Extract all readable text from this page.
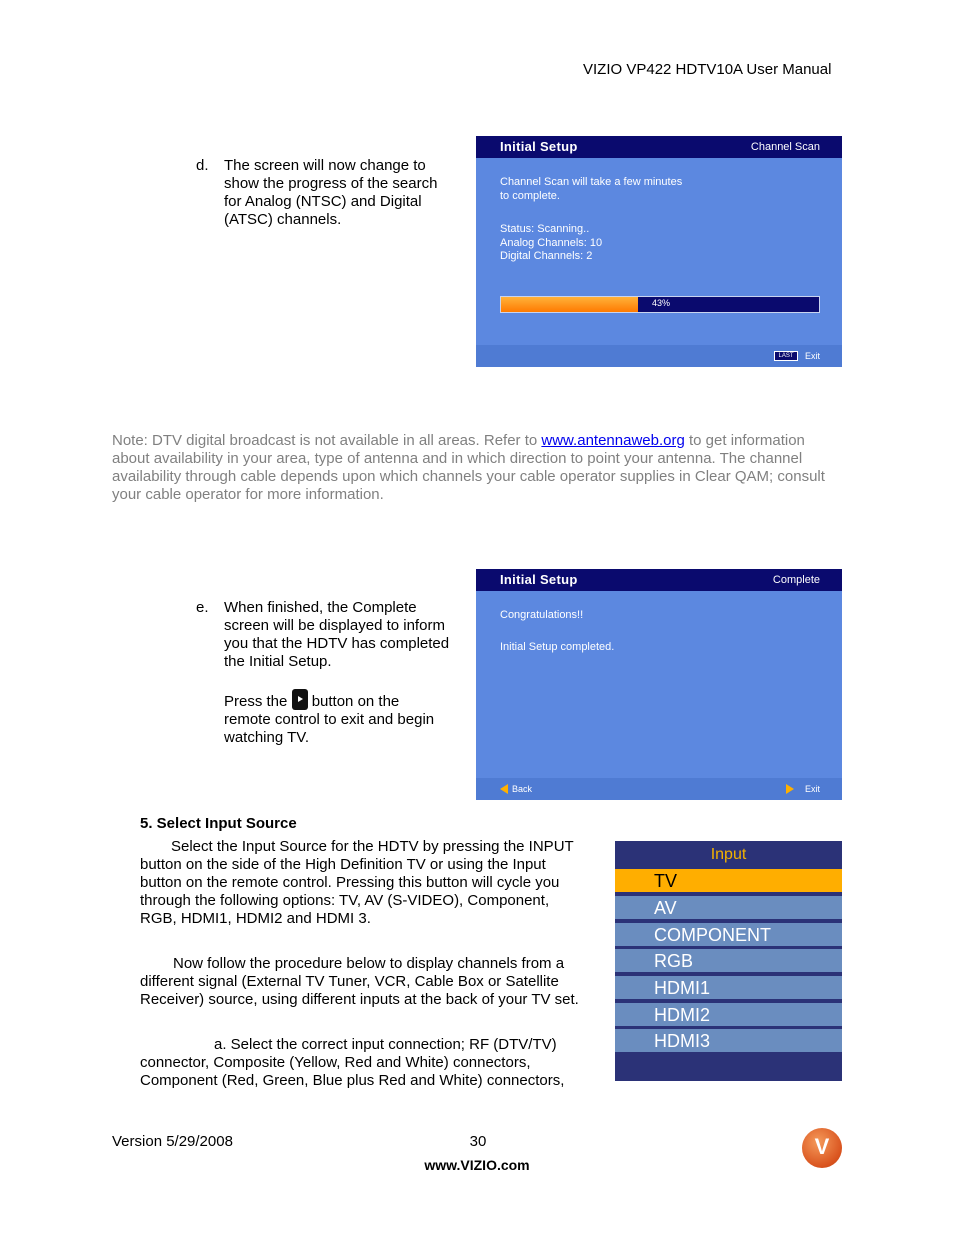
VIZIO VP422 HDTV10A User Manual
d. The screen will now change to
show the progress of the search
for Analog (NTSC) and Digital
(ATSC) channels.
Initial Setup	Channel Scan
Channel Scan will take a few minutes
to complete.
Status: Scanning..
Analog Channels: 10
Digital Channels: 2
43%
LAST	Exit
Note: DTV digital broadcast is not available in all areas. Refer to www.antennaweb.org to get information about availability in your area, type of antenna and in which direction to point your antenna. The channel availability through cable depends upon which channels your cable operator supplies in Clear QAM; consult your cable operator for more information.
e. When finished, the Complete
screen will be displayed to inform
you that the HDTV has completed
the Initial Setup.
Press the  button on the
remote control to exit and begin
watching TV.
Initial Setup	Complete
Congratulations!!
Initial Setup completed.
Back	Exit
5. Select Input Source
Select the Input Source for the HDTV by pressing the INPUT
button on the side of the High Definition TV or using the Input
button on the remote control. Pressing this button will cycle you
through the following options: TV, AV (S-VIDEO), Component,
RGB, HDMI1, HDMI2 and HDMI 3.
Now follow the procedure below to display channels from a
different signal (External TV Tuner, VCR, Cable Box or Satellite
Receiver) source, using different inputs at the back of your TV set.
a. Select the correct input connection; RF (DTV/TV)
connector, Composite (Yellow, Red and White) connectors,
Component (Red, Green, Blue plus Red and White) connectors,
Input
TV
AV
COMPONENT
RGB
HDMI1
HDMI2
HDMI3
Version 5/29/2008	30
www.VIZIO.com
V
